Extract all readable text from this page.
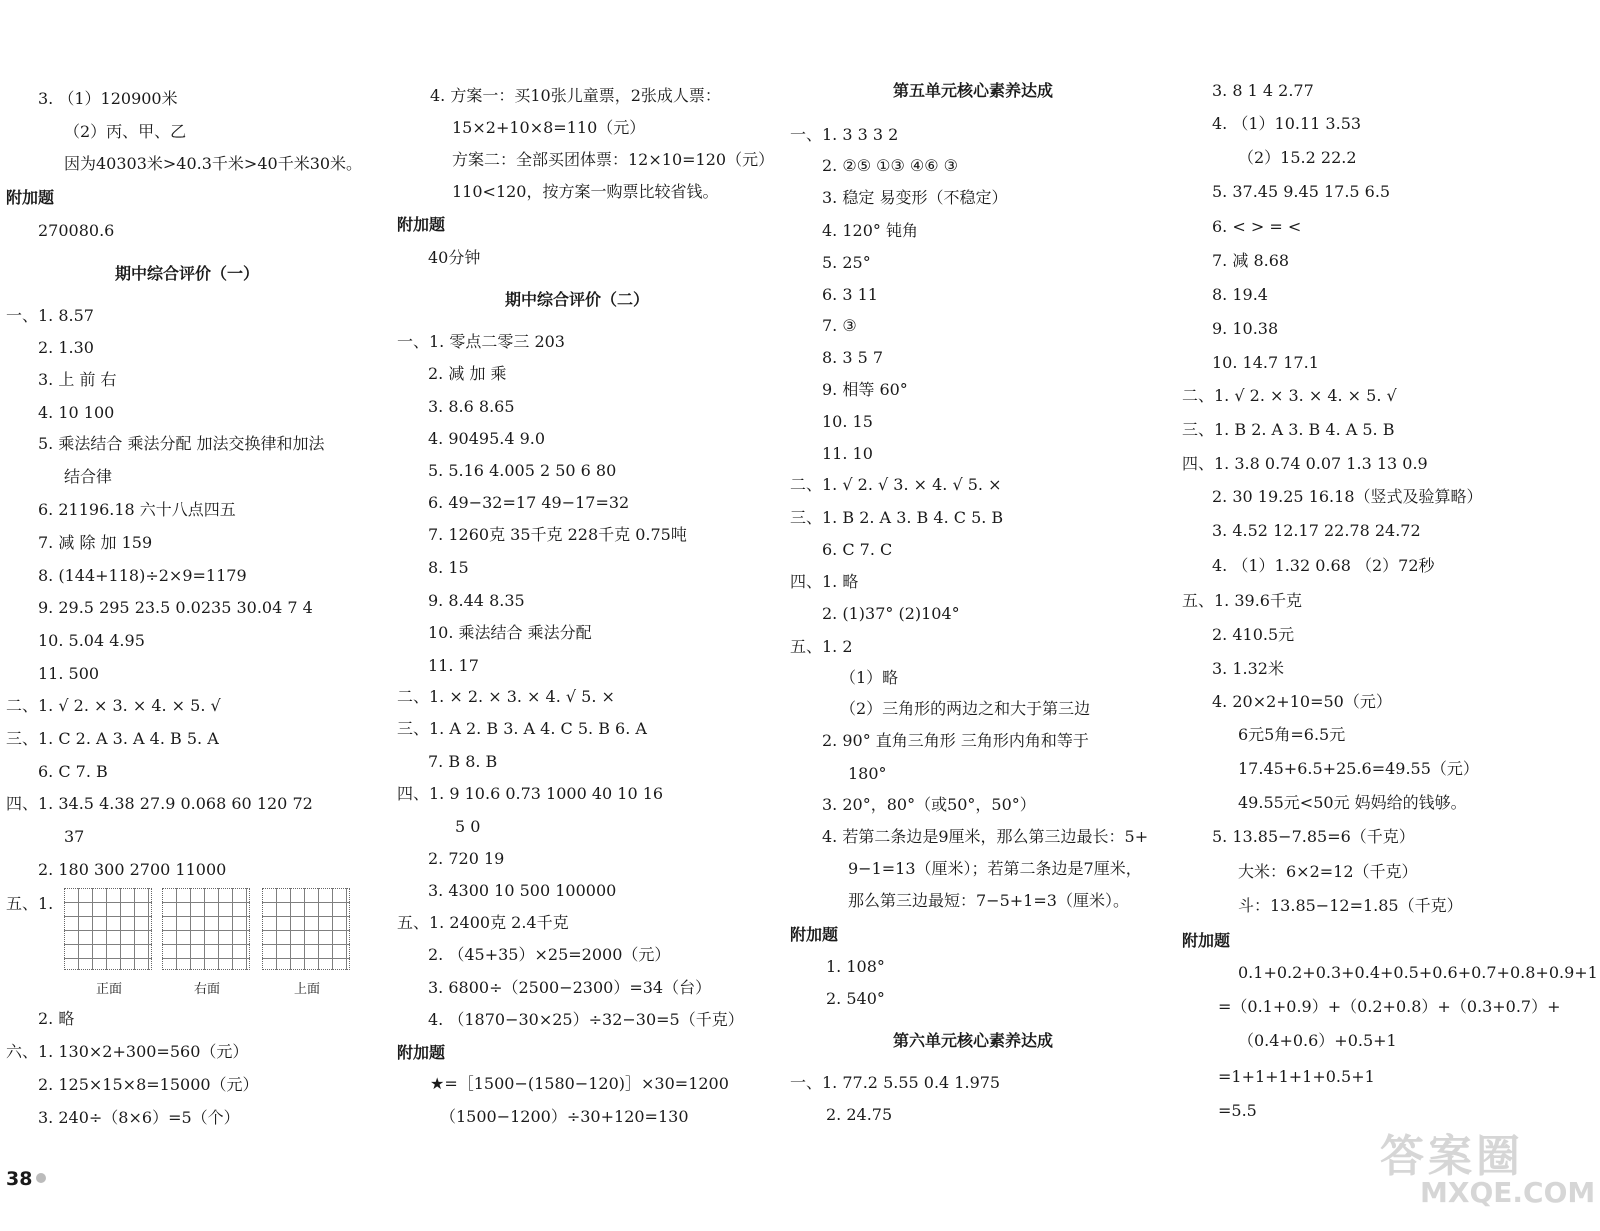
3. （1）120900米
（2）丙、甲、乙
因为40303米>40.3千米>40千米30米。
附加题
270080.6
期中综合评价（一）
一、1. 8.57
2. 1.30
3. 上 前 右
4. 10 100
5. 乘法结合 乘法分配 加法交换律和加法
结合律
6. 21196.18 六十八点四五
7. 减 除 加 159
8. (144+118)÷2×9=1179
9. 29.5 295 23.5 0.0235 30.04 7 4
10. 5.04 4.95
11. 500
二、1. √ 2. × 3. × 4. × 5. √
三、1. C 2. A 3. A 4. B 5. A
6. C 7. B
四、1. 34.5 4.38 27.9 0.068 60 120 72
37
2. 180 300 2700 11000
五、1.
2. 略
六、1. 130×2+300=560（元）
2. 125×15×8=15000（元）
3. 240÷（8×6）=5（个）
4. 方案一：买10张儿童票，2张成人票：
15×2+10×8=110（元）
方案二：全部买团体票：12×10=120（元）
110<120，按方案一购票比较省钱。
附加题
40分钟
期中综合评价（二）
一、1. 零点二零三 203
2. 减 加 乘
3. 8.6 8.65
4. 90495.4 9.0
5. 5.16 4.005 2 50 6 80
6. 49−32=17 49−17=32
7. 1260克 35千克 228千克 0.75吨
8. 15
9. 8.44 8.35
10. 乘法结合 乘法分配
11. 17
二、1. × 2. × 3. × 4. √ 5. ×
三、1. A 2. B 3. A 4. C 5. B 6. A
7. B 8. B
四、1. 9 10.6 0.73 1000 40 10 16
5 0
2. 720 19
3. 4300 10 500 100000
五、1. 2400克 2.4千克
2. （45+35）×25=2000（元）
3. 6800÷（2500−2300）=34（台）
4. （1870−30×25）÷32−30=5（千克）
附加题
★=［1500−(1580−120)］×30=1200
（1500−1200）÷30+120=130
第五单元核心素养达成
一、1. 3 3 3 2
2. ②⑤ ①③ ④⑥ ③
3. 稳定 易变形（不稳定）
4. 120° 钝角
5. 25°
6. 3 11
7. ③
8. 3 5 7
9. 相等 60°
10. 15
11. 10
二、1. √ 2. √ 3. × 4. √ 5. ×
三、1. B 2. A 3. B 4. C 5. B
6. C 7. C
四、1. 略
2. (1)37° (2)104°
五、1. 2
（1）略
（2）三角形的两边之和大于第三边
2. 90° 直角三角形 三角形内角和等于
180°
3. 20°，80°（或50°，50°）
4. 若第二条边是9厘米，那么第三边最长：5+
9−1=13（厘米）；若第二条边是7厘米，
那么第三边最短：7−5+1=3（厘米）。
附加题
1. 108°
2. 540°
第六单元核心素养达成
一、1. 77.2 5.55 0.4 1.975
2. 24.75
3. 8 1 4 2.77
4. （1）10.11 3.53
（2）15.2 22.2
5. 37.45 9.45 17.5 6.5
6. < > = <
7. 减 8.68
8. 19.4
9. 10.38
10. 14.7 17.1
二、1. √ 2. × 3. × 4. × 5. √
三、1. B 2. A 3. B 4. A 5. B
四、1. 3.8 0.74 0.07 1.3 13 0.9
2. 30 19.25 16.18（竖式及验算略）
3. 4.52 12.17 22.78 24.72
4. （1）1.32 0.68 （2）72秒
五、1. 39.6千克
2. 410.5元
3. 1.32米
4. 20×2+10=50（元）
6元5角=6.5元
17.45+6.5+25.6=49.55（元）
49.55元<50元 妈妈给的钱够。
5. 13.85−7.85=6（千克）
大米：6×2=12（千克）
斗：13.85−12=1.85（千克）
附加题
0.1+0.2+0.3+0.4+0.5+0.6+0.7+0.8+0.9+1
=（0.1+0.9）+（0.2+0.8）+（0.3+0.7）+
（0.4+0.6）+0.5+1
=1+1+1+1+0.5+1
=5.5
正面	右面	上面
38	答案圈
MXQE.COM
